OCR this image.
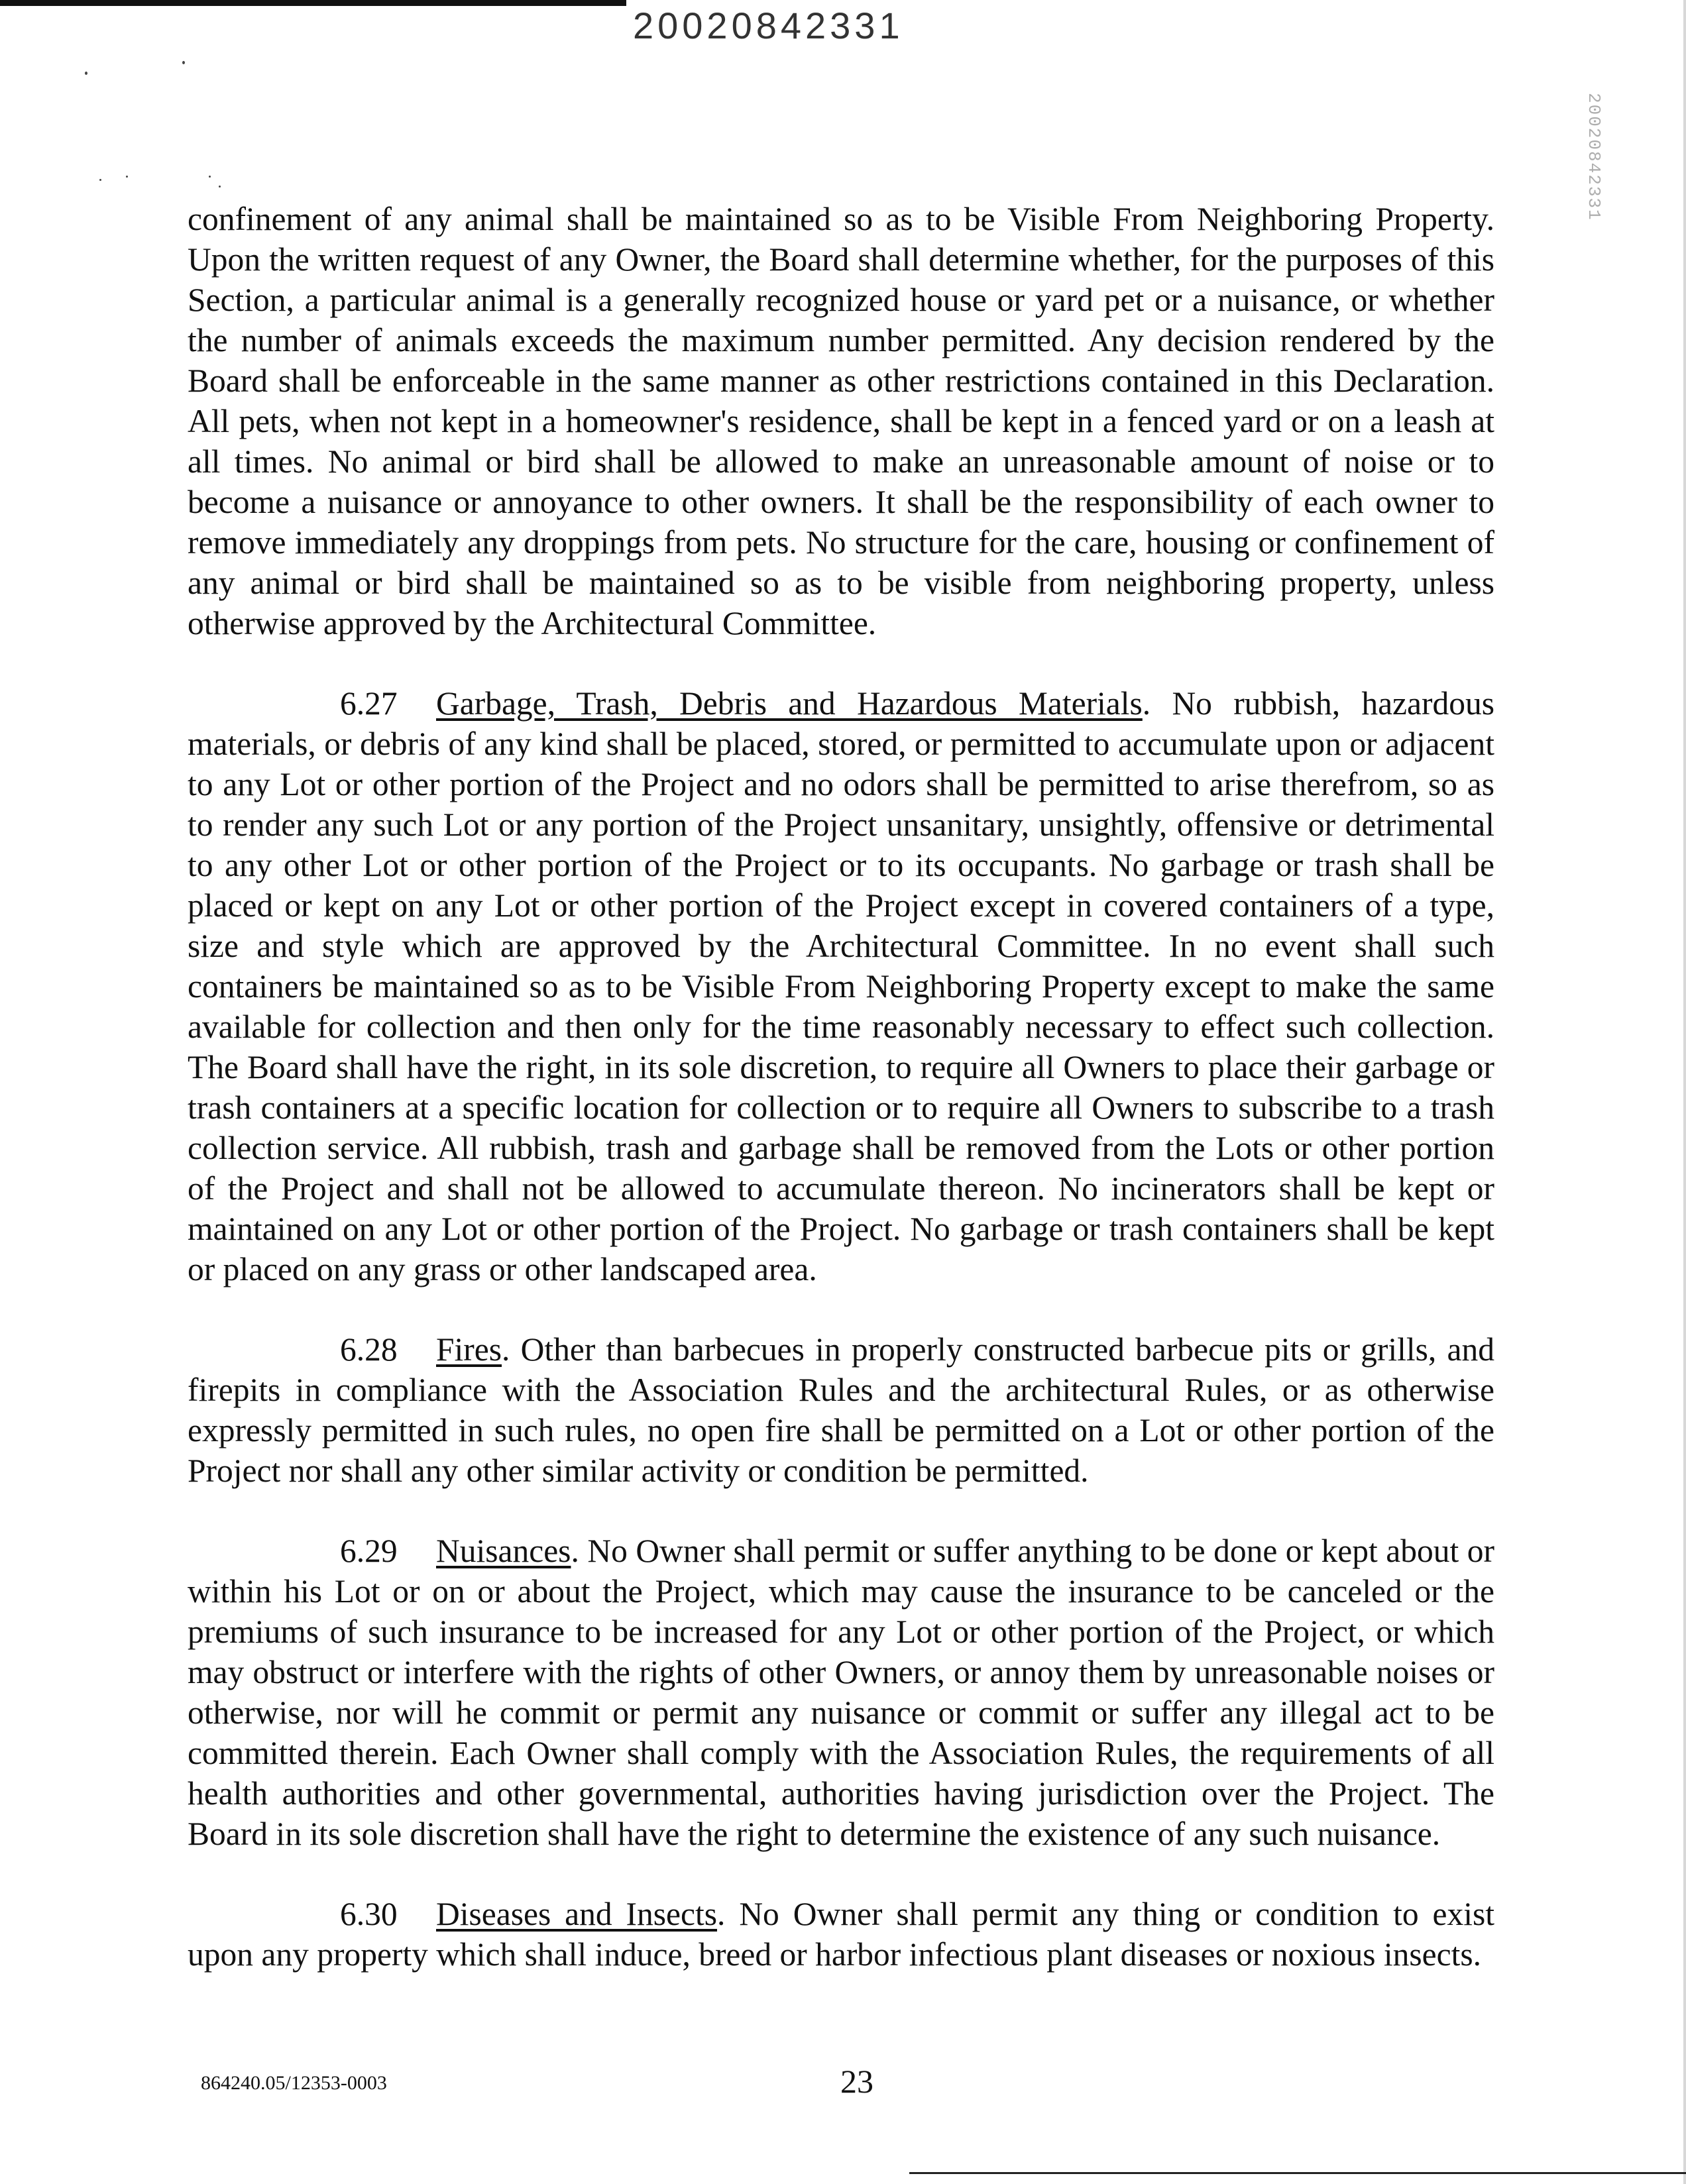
20020842331
20020842331

confinement of any animal shall be maintained so as to be Visible From Neighboring Property. Upon the written request of any Owner, the Board shall determine whether, for the purposes of this Section, a particular animal is a generally recognized house or yard pet or a nuisance, or whether the number of animals exceeds the maximum number permitted. Any decision rendered by the Board shall be enforceable in the same manner as other restrictions contained in this Declaration. All pets, when not kept in a homeowner's residence, shall be kept in a fenced yard or on a leash at all times. No animal or bird shall be allowed to make an unreasonable amount of noise or to become a nuisance or annoyance to other owners. It shall be the responsibility of each owner to remove immediately any droppings from pets. No structure for the care, housing or confinement of any animal or bird shall be maintained so as to be visible from neighboring property, unless otherwise approved by the Architectural Committee.

6.27 Garbage, Trash, Debris and Hazardous Materials. No rubbish, hazardous materials, or debris of any kind shall be placed, stored, or permitted to accumulate upon or adjacent to any Lot or other portion of the Project and no odors shall be permitted to arise therefrom, so as to render any such Lot or any portion of the Project unsanitary, unsightly, offensive or detrimental to any other Lot or other portion of the Project or to its occupants. No garbage or trash shall be placed or kept on any Lot or other portion of the Project except in covered containers of a type, size and style which are approved by the Architectural Committee. In no event shall such containers be maintained so as to be Visible From Neighboring Property except to make the same available for collection and then only for the time reasonably necessary to effect such collection. The Board shall have the right, in its sole discretion, to require all Owners to place their garbage or trash containers at a specific location for collection or to require all Owners to subscribe to a trash collection service. All rubbish, trash and garbage shall be removed from the Lots or other portion of the Project and shall not be allowed to accumulate thereon. No incinerators shall be kept or maintained on any Lot or other portion of the Project. No garbage or trash containers shall be kept or placed on any grass or other landscaped area.

6.28 Fires. Other than barbecues in properly constructed barbecue pits or grills, and firepits in compliance with the Association Rules and the architectural Rules, or as otherwise expressly permitted in such rules, no open fire shall be permitted on a Lot or other portion of the Project nor shall any other similar activity or condition be permitted.

6.29 Nuisances. No Owner shall permit or suffer anything to be done or kept about or within his Lot or on or about the Project, which may cause the insurance to be canceled or the premiums of such insurance to be increased for any Lot or other portion of the Project, or which may obstruct or interfere with the rights of other Owners, or annoy them by unreasonable noises or otherwise, nor will he commit or permit any nuisance or commit or suffer any illegal act to be committed therein. Each Owner shall comply with the Association Rules, the requirements of all health authorities and other governmental, authorities having jurisdiction over the Project. The Board in its sole discretion shall have the right to determine the existence of any such nuisance.

6.30 Diseases and Insects. No Owner shall permit any thing or condition to exist upon any property which shall induce, breed or harbor infectious plant diseases or noxious insects.

864240.05/12353-0003	23
